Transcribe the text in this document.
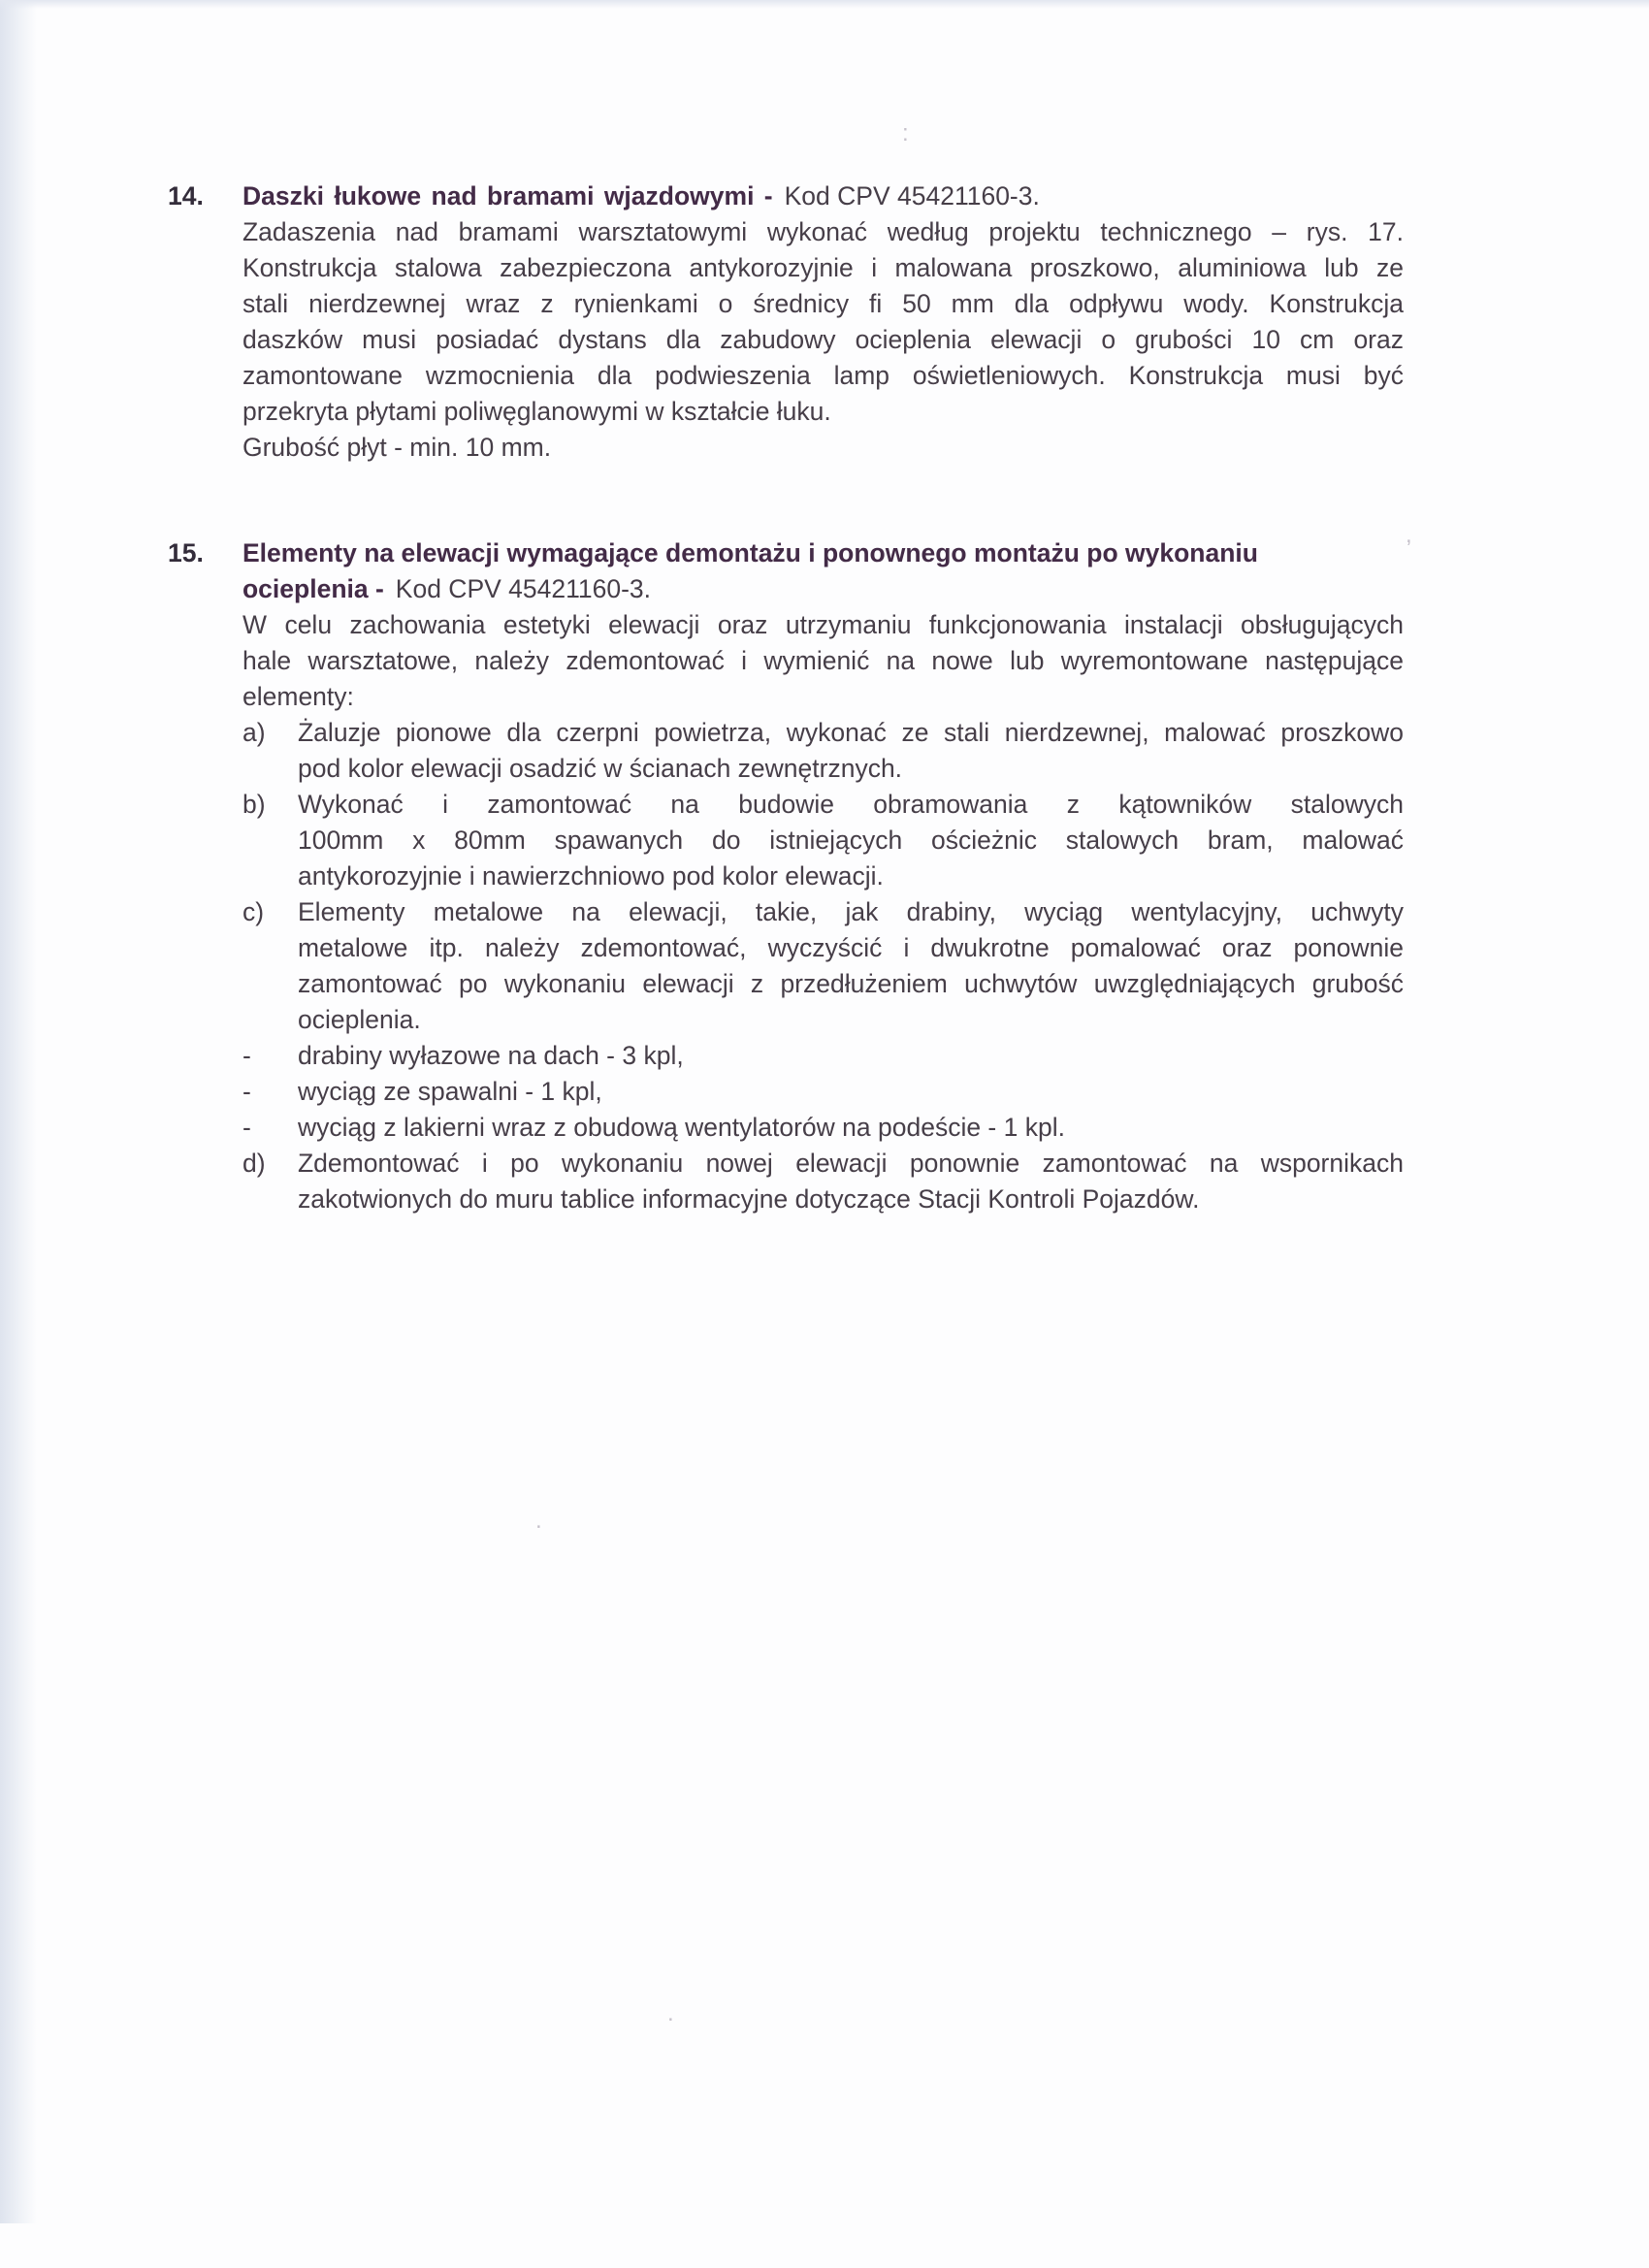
:
,
.
.
14.	Daszki łukowe nad bramami wjazdowymi - Kod CPV 45421160-3.
Zadaszenia nad bramami warsztatowymi wykonać według projektu technicznego – rys. 17.
Konstrukcja stalowa zabezpieczona antykorozyjnie i malowana proszkowo, aluminiowa lub ze
stali nierdzewnej wraz z rynienkami o średnicy fi 50 mm dla odpływu wody. Konstrukcja
daszków musi posiadać dystans dla zabudowy ocieplenia elewacji o grubości 10 cm oraz
zamontowane wzmocnienia dla podwieszenia lamp oświetleniowych. Konstrukcja musi być
przekryta płytami poliwęglanowymi w kształcie łuku.
Grubość płyt - min. 10 mm.
15.	Elementy na elewacji wymagające demontażu i ponownego montażu po wykonaniu
ocieplenia - Kod CPV 45421160-3.
W celu zachowania estetyki elewacji oraz utrzymaniu funkcjonowania instalacji obsługujących
hale warsztatowe, należy zdemontować i wymienić na nowe lub wyremontowane następujące
elementy:
a)	Żaluzje pionowe dla czerpni powietrza, wykonać ze stali nierdzewnej, malować proszkowo
pod kolor elewacji osadzić w ścianach zewnętrznych.
b)	Wykonać i zamontować na budowie obramowania z kątowników stalowych
100mm x 80mm spawanych do istniejących ościeżnic stalowych bram, malować
antykorozyjnie i nawierzchniowo pod kolor elewacji.
c)	Elementy metalowe na elewacji, takie, jak drabiny, wyciąg wentylacyjny, uchwyty
metalowe itp. należy zdemontować, wyczyścić i dwukrotne pomalować oraz ponownie
zamontować po wykonaniu elewacji z przedłużeniem uchwytów uwzględniających grubość
ocieplenia.
-	drabiny wyłazowe na dach - 3 kpl,
-	wyciąg ze spawalni - 1 kpl,
-	wyciąg z lakierni wraz z obudową wentylatorów na podeście - 1 kpl.
d)	Zdemontować i po wykonaniu nowej elewacji ponownie zamontować na wspornikach
zakotwionych do muru tablice informacyjne dotyczące Stacji Kontroli Pojazdów.
